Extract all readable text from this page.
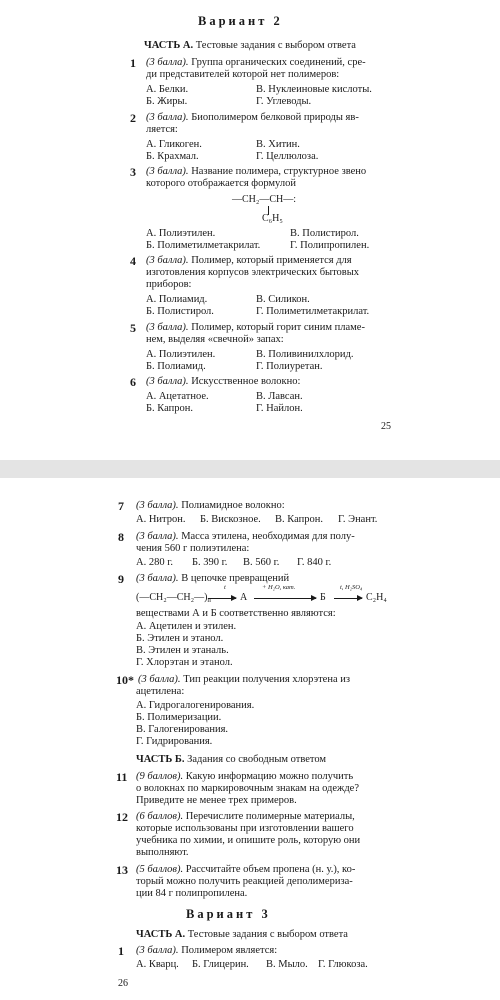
Вариант 2
ЧАСТЬ А. Тестовые задания с выбором ответа
1 (3 балла). Группа органических соединений, сре-
ди представителей которой нет полимеров:
А. Белки.	В. Нуклеиновые кислоты.
Б. Жиры.	Г. Углеводы.
2 (3 балла). Биополимером белковой природы яв-
ляется:
А. Гликоген.	В. Хитин.
Б. Крахмал.	Г. Целлюлоза.
3 (3 балла). Название полимера, структурное звено
которого отображается формулой
—CH₂—CH—:
C₆H₅
А. Полиэтилен.	В. Полистирол.
Б. Полиметилметакрилат.	Г. Полипропилен.
4 (3 балла). Полимер, который применяется для
изготовления корпусов электрических бытовых
приборов:
А. Полиамид.	В. Силикон.
Б. Полистирол.	Г. Полиметилметакрилат.
5 (3 балла). Полимер, который горит синим пламе-
нем, выделяя «свечной» запах:
А. Полиэтилен.	В. Поливинилхлорид.
Б. Полиамид.	Г. Полиуретан.
6 (3 балла). Искусственное волокно:
А. Ацетатное.	В. Лавсан.
Б. Капрон.	Г. Найлон.
25
7 (3 балла). Полиамидное волокно:
А. Нитрон. Б. Вискозное. В. Капрон. Г. Энант.
8 (3 балла). Масса этилена, необходимая для полу-
чения 560 г полиэтилена:
А. 280 г. Б. 390 г. В. 560 г. Г. 840 г.
9 (3 балла). В цепочке превращений
$(—CH_2—CH_2—)_n$
t
→ А
+ H₂O, кат.
→ Б
t, H₂SO₄
→ C₂H₄
веществами А и Б соответственно являются:
А. Ацетилен и этилен.
Б. Этилен и этанол.
В. Этилен и этаналь.
Г. Хлорэтан и этанол.
10* (3 балла). Тип реакции получения хлорэтена из
ацетилена:
А. Гидрогалогенирования.
Б. Полимеризации.
В. Галогенирования.
Г. Гидрирования.
ЧАСТЬ Б. Задания со свободным ответом
11 (9 баллов). Какую информацию можно получить
о волокнах по маркировочным знакам на одежде?
Приведите не менее трех примеров.
12 (6 баллов). Перечислите полимерные материалы,
которые использованы при изготовлении вашего
учебника по химии, и опишите роль, которую они
выполняют.
13 (5 баллов). Рассчитайте объем пропена (н. у.), ко-
торый можно получить реакцией деполимериза-
ции 84 г полипропилена.
Вариант 3
ЧАСТЬ А. Тестовые задания с выбором ответа
1 (3 балла). Полимером является:
А. Кварц. Б. Глицерин. В. Мыло. Г. Глюкоза.
26
